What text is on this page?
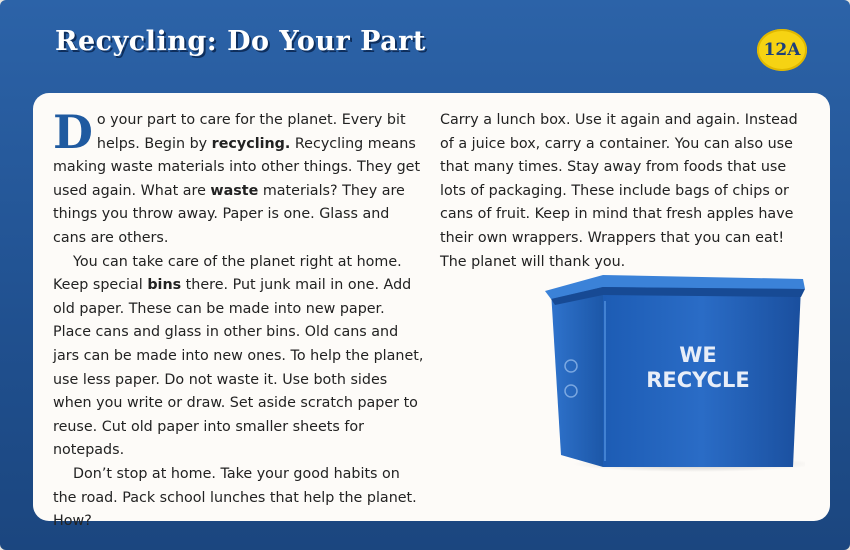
Recycling: Do Your Part	12A

Do your part to care for the planet. Every bit helps. Begin by recycling. Recycling means making waste materials into other things. They get used again. What are waste materials? They are things you throw away. Paper is one. Glass and cans are others.

You can take care of the planet right at home. Keep special bins there. Put junk mail in one. Add old paper. These can be made into new paper. Place cans and glass in other bins. Old cans and jars can be made into new ones. To help the planet, use less paper. Do not waste it. Use both sides when you write or draw. Set aside scratch paper to reuse. Cut old paper into smaller sheets for notepads.

Don’t stop at home. Take your good habits on the road. Pack school lunches that help the planet. How?

Carry a lunch box. Use it again and again. Instead of a juice box, carry a container. You can also use that many times. Stay away from foods that use lots of packaging. These include bags of chips or cans of fruit. Keep in mind that fresh apples have their own wrappers. Wrappers that you can eat! The planet will thank you.

WE
RECYCLE
